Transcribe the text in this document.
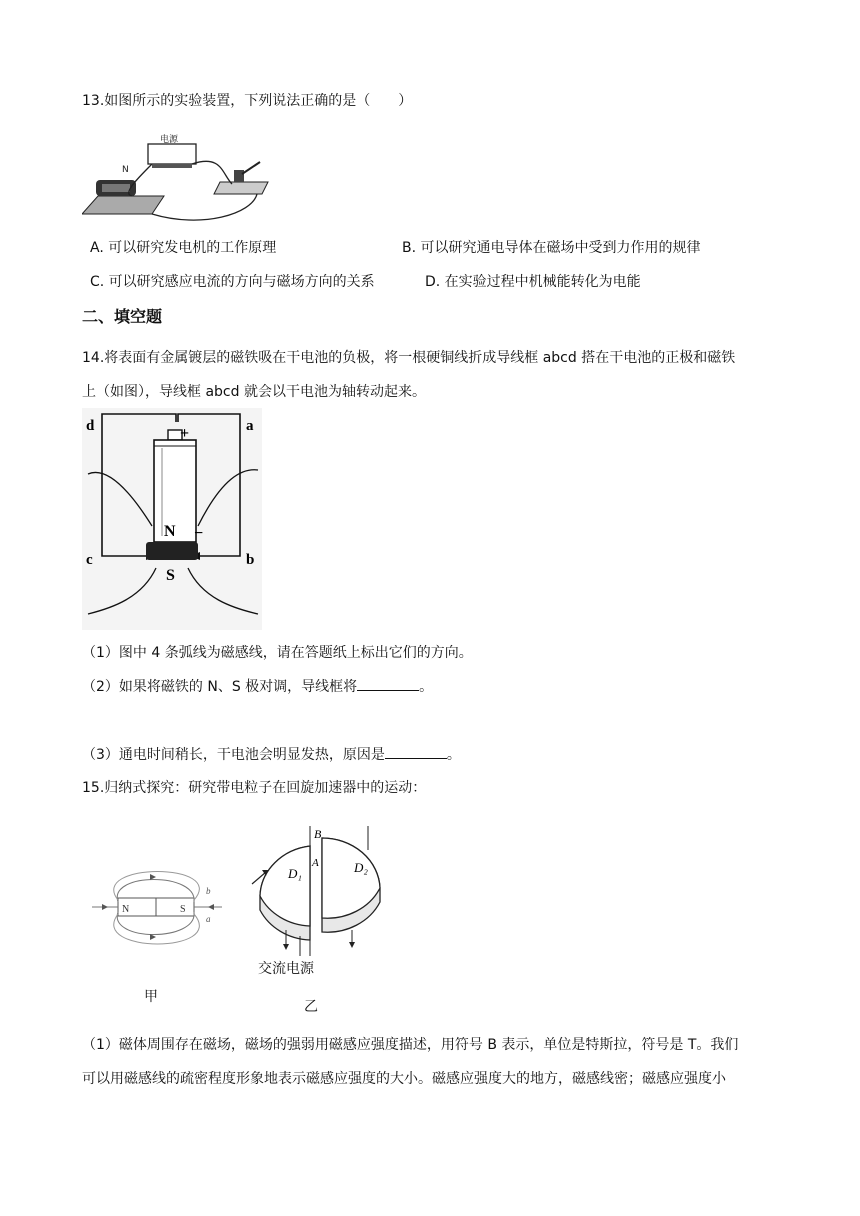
13.如图所示的实验装置，下列说法正确的是（　　）
电源
N
A. 可以研究发电机的工作原理	B. 可以研究通电导体在磁场中受到力作用的规律
C. 可以研究感应电流的方向与磁场方向的关系	D. 在实验过程中机械能转化为电能
二、填空题
14.将表面有金属镀层的磁铁吸在干电池的负极，将一根硬铜线折成导线框 abcd 搭在干电池的正极和磁铁
上（如图），导线框 abcd 就会以干电池为轴转动起来。
d	a
c	b
+
−
N
S
（1）图中 4 条弧线为磁感线，请在答题纸上标出它们的方向。
（2）如果将磁铁的 N、S 极对调，导线框将	。
（3）通电时间稍长，干电池会明显发热，原因是	。
15.归纳式探究：研究带电粒子在回旋加速器中的运动：
N	S
b
a
甲
B
D₁
A	D₂
交流电源
乙
（1）磁体周围存在磁场，磁场的强弱用磁感应强度描述，用符号 B 表示，单位是特斯拉，符号是 T。我们
可以用磁感线的疏密程度形象地表示磁感应强度的大小。磁感应强度大的地方，磁感线密；磁感应强度小
